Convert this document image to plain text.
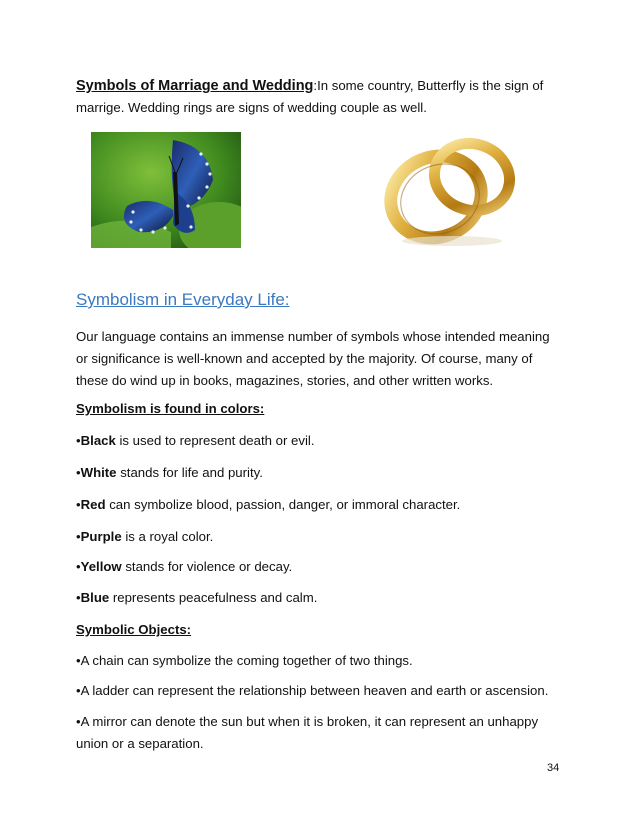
Symbols of Marriage and Wedding:In some country, Butterfly is the sign of
marrige. Wedding rings are signs of wedding couple as well.

Symbolism in Everyday Life:

Our language contains an immense number of symbols whose intended meaning
or significance is well-known and accepted by the majority. Of course, many of
these do wind up in books, magazines, stories, and other written works.

Symbolism is found in colors:

•Black is used to represent death or evil.

•White stands for life and purity.

•Red can symbolize blood, passion, danger, or immoral character.

•Purple is a royal color.

•Yellow stands for violence or decay.

•Blue represents peacefulness and calm.

Symbolic Objects:

•A chain can symbolize the coming together of two things.

•A ladder can represent the relationship between heaven and earth or ascension.

•A mirror can denote the sun but when it is broken, it can represent an unhappy
union or a separation.

34
